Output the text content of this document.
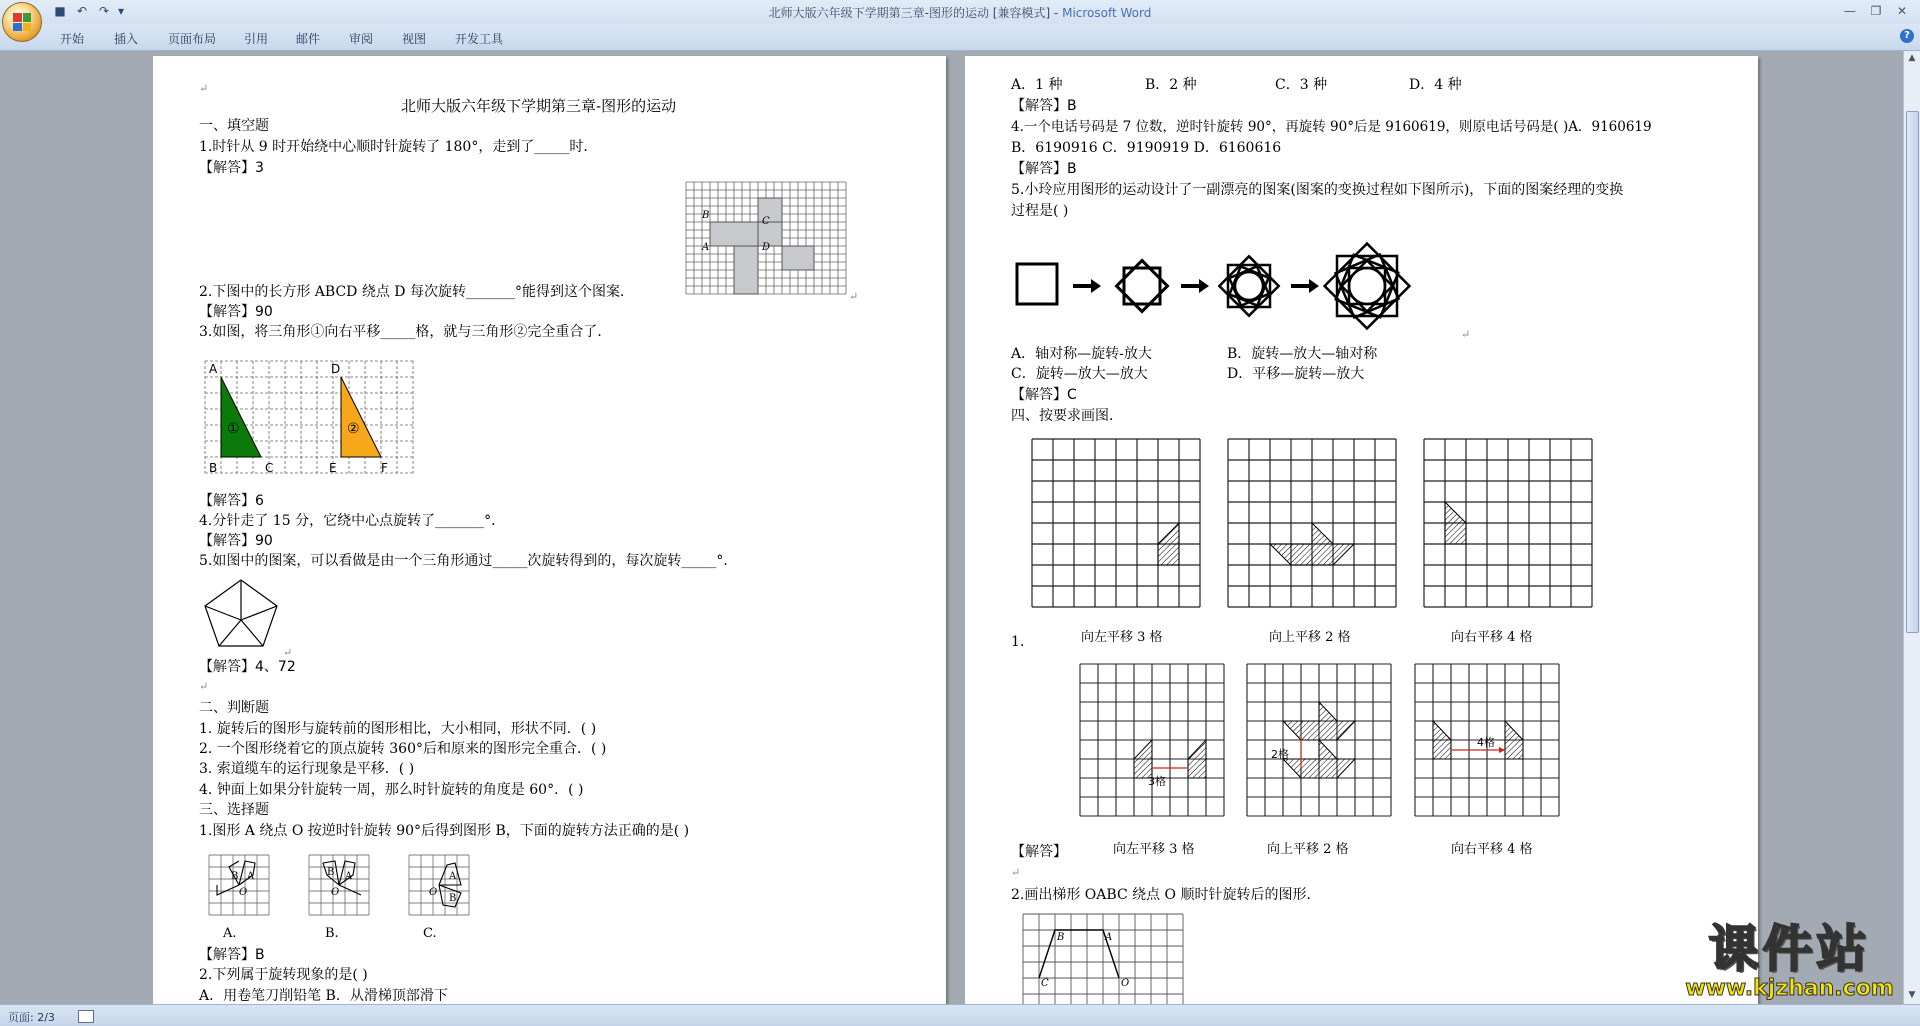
■ ↶ ↷ ▾	北师大版六年级下学期第三章-图形的运动 [兼容模式] - Microsoft Word	—	❐	✕
开始 插入 页面布局 引用 邮件 审阅 视图 开发工具	?
↵
北师大版六年级下学期第三章-图形的运动
一、填空题
1.时针从 9 时开始绕中心顺时针旋转了 180°，走到了_____时．
【解答】3
B
C
A	D
↵
2.下图中的长方形 ABCD 绕点 D 每次旋转_______°能得到这个图案．
【解答】90
3.如图，将三角形①向右平移_____格，就与三角形②完全重合了．
A
B	C
D
E	F
①	②
【解答】6
4.分针走了 15 分，它绕中心点旋转了_______°．
【解答】90
5.如图中的图案，可以看做是由一个三角形通过_____次旋转得到的，每次旋转_____°．
↵
【解答】4、72
↵
二、判断题
1. 旋转后的图形与旋转前的图形相比，大小相同，形状不同．( )
2. 一个图形绕着它的顶点旋转 360°后和原来的图形完全重合．( )
3. 索道缆车的运行现象是平移．( )
4. 钟面上如果分针旋转一周，那么时针旋转的角度是 60°．( )
三、选择题
1.图形 A 绕点 O 按逆时针旋转 90°后得到图形 B，下面的旋转方法正确的是( )
A
B
O
A
B
O
A
B
O
A.	B.	C.
【解答】B
2.下列属于旋转现象的是( )
A．用卷笔刀削铅笔 B．从滑梯顶部滑下
A．1 种	B．2 种	C．3 种	D．4 种
【解答】B
4.一个电话号码是 7 位数，逆时针旋转 90°，再旋转 90°后是 9160619，则原电话号码是( )A．9160619
B．6190916 C．9190919 D．6160616
【解答】B
5.小玲应用图形的运动设计了一副漂亮的图案(图案的变换过程如下图所示)，下面的图案经理的变换
过程是( )
↵
A．轴对称—旋转-放大	B．旋转—放大—轴对称
C．旋转—放大—放大	D．平移—旋转—放大
【解答】C
四、按要求画图．
1.	向左平移 3 格	向上平移 2 格	向右平移 4 格
3格
2格
4格
【解答】	向左平移 3 格	向上平移 2 格	向右平移 4 格
↵
2.画出梯形 OABC 绕点 O 顺时针旋转后的图形．
B	A
C	O
▲
▼
页面: 2/3
课件站
www.kjzhan.com
